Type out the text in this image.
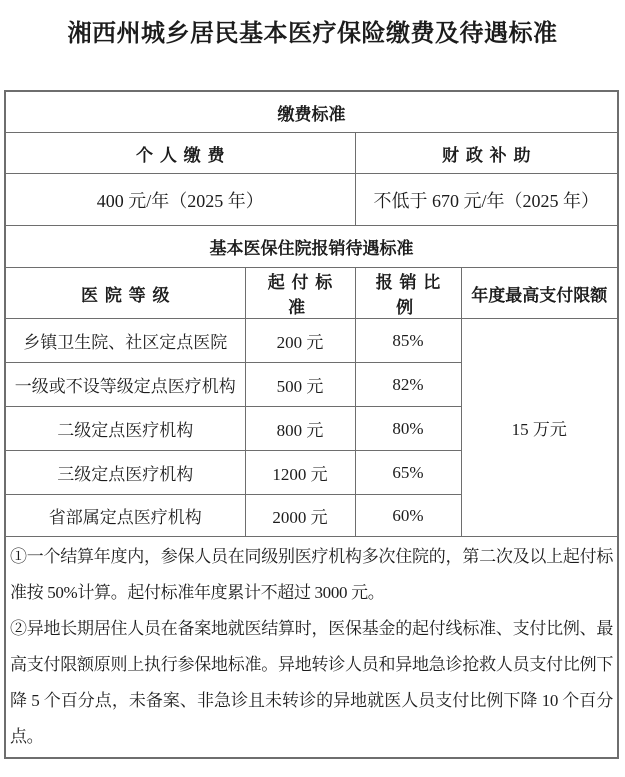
湘西州城乡居民基本医疗保险缴费及待遇标准
缴费标准			
个人缴费		财政补助	
400 元/年（2025 年）		不低于 670 元/年（2025 年）	
基本医保住院报销待遇标准			
医院等级	起付标准	报销比例	年度最高支付限额
乡镇卫生院、社区定点医院	200 元	85%	15 万元
一级或不设等级定点医疗机构	500 元	82%	
二级定点医疗机构	800 元	80%	
三级定点医疗机构	1200 元	65%	
省部属定点医疗机构	2000 元	60%	

①一个结算年度内，参保人员在同级别医疗机构多次住院的，第二次及以上起付标准按 50%计算。起付标准年度累计不超过 3000 元。

②异地长期居住人员在备案地就医结算时，医保基金的起付线标准、支付比例、最高支付限额原则上执行参保地标准。异地转诊人员和异地急诊抢救人员支付比例下降 5 个百分点，未备案、非急诊且未转诊的异地就医人员支付比例下降 10 个百分点。			
